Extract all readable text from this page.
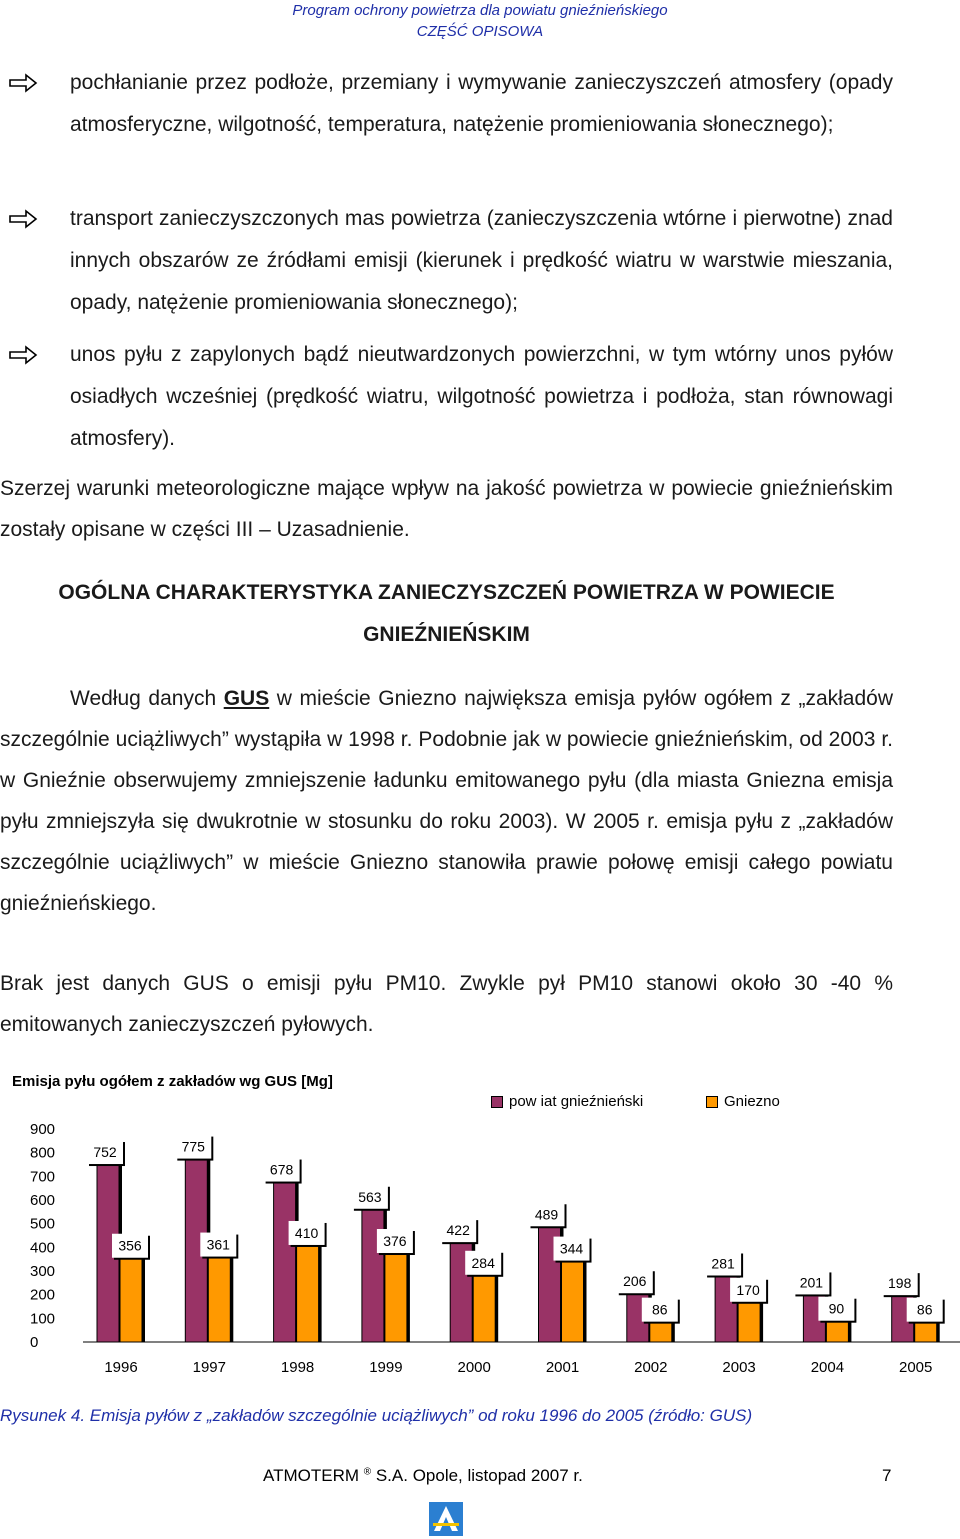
Program ochrony powietrza dla powiatu gnieźnieńskiego
CZĘŚĆ OPISOWA
pochłanianie przez podłoże, przemiany i wymywanie zanieczyszczeń atmosfery (opady atmosferyczne, wilgotność, temperatura, natężenie promieniowania słonecznego);
transport zanieczyszczonych mas powietrza (zanieczyszczenia wtórne i pierwotne) znad innych obszarów ze źródłami emisji (kierunek i prędkość wiatru w warstwie mieszania, opady, natężenie promieniowania słonecznego);
unos pyłu z zapylonych bądź nieutwardzonych powierzchni, w tym wtórny unos pyłów osiadłych wcześniej (prędkość wiatru, wilgotność powietrza i podłoża, stan równowagi atmosfery).
Szerzej warunki meteorologiczne mające wpływ na jakość powietrza w powiecie gnieźnieńskim zostały opisane w części III – Uzasadnienie.
OGÓLNA CHARAKTERYSTYKA ZANIECZYSZCZEŃ POWIETRZA W POWIECIE
GNIEŹNIEŃSKIM
Według danych GUS w mieście Gniezno największa emisja pyłów ogółem z „zakładów szczególnie uciążliwych” wystąpiła w 1998 r. Podobnie jak w powiecie gnieźnieńskim, od 2003 r. w Gnieźnie obserwujemy zmniejszenie ładunku emitowanego pyłu (dla miasta Gniezna emisja pyłu zmniejszyła się dwukrotnie w stosunku do roku 2003). W 2005 r. emisja pyłu z „zakładów szczególnie uciążliwych” w mieście Gniezno stanowiła prawie połowę emisji całego powiatu gnieźnieńskiego.
Brak jest danych GUS o emisji pyłu PM10. Zwykle pył PM10 stanowi około 30 -40 % emitowanych zanieczyszczeń pyłowych.
Emisja pyłu ogółem z zakładów wg GUS [Mg]
0
100
200
300
400
500
600
700
800
900
752
356
1996
775
361
1997
678
410
1998
563
376
1999
422
284
2000
489
344
2001
206
86
2002
281
170
2003
201
90
2004
198
86
2005
pow iat gnieźnieński	Gniezno
Rysunek 4. Emisja pyłów z „zakładów szczególnie uciążliwych” od roku 1996 do 2005 (źródło: GUS)
ATMOTERM ® S.A. Opole, listopad 2007 r.	7
